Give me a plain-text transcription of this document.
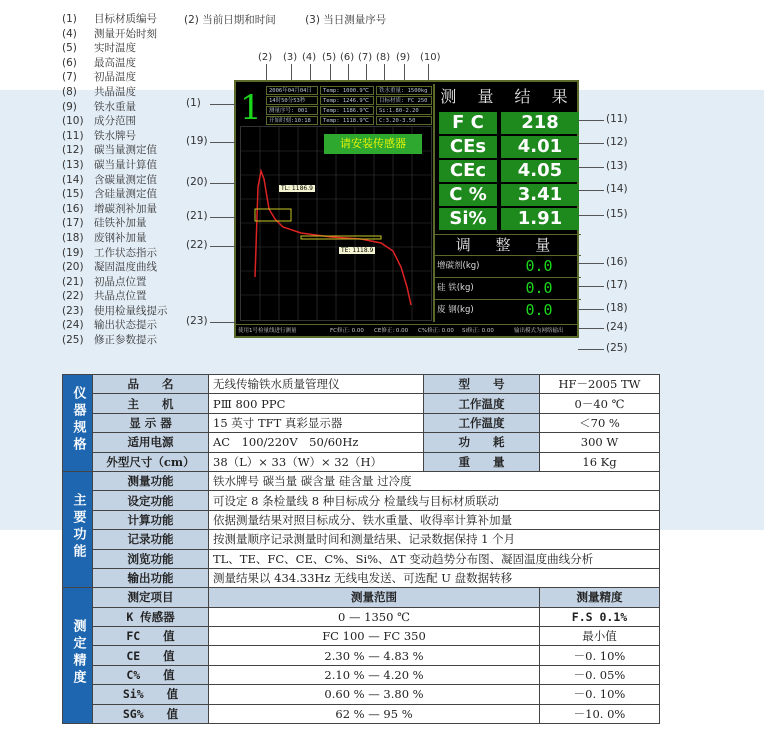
(1) 目标材质编号
(4) 测量开始时刻
(5) 实时温度
(6) 最高温度
(7) 初晶温度
(8) 共晶温度
(9) 铁水重量
(10) 成分范围
(11) 铁水牌号
(12) 碳当量测定值
(13) 碳当量计算值
(14) 含碳量测定值
(15) 含硅量测定值
(16) 增碳剂补加量
(17) 硅铁补加量
(18) 废钢补加量
(19) 工作状态指示
(20) 凝固温度曲线
(21) 初晶点位置
(22) 共晶点位置
(23) 使用检量线提示
(24) 输出状态提示
(25) 修正参数提示
(2) 当前日期和时间	(3) 当日测量序号
(2) (3) (4) (5) (6) (7) (8) (9) (10)
1	2006年04月04日
14时50分53秒
测量序号: 001
开始时刻:10:18
Temp: 1000.9℃
Temp: 1246.9℃
Temp: 1186.9℃
Temp: 1118.9℃
铁水重量: 1500kg
目标材质: FC 250
Si:1.80-2.20
C:3.20-3.50
TL: 1186.9
TE: 1118.9
请安装传感器
测 量 结 果
F C	218
CEs	4.01
CEc	4.05
C %	3.41
Si%	1.91
调 整 量
增碳剂(kg)	0.0
硅 铁(kg)	0.0
废 钢(kg)	0.0
使用1号检量线进行测量	FC修正: 0.00 CE修正: 0.00 C%修正: 0.00 Si修正: 0.00	输出模式为网络输出
(1)
(19)
(20)
(21)
(22)
(23)
(11)
(12)
(13)
(14)
(15)
(16)
(17)
(18)
(24)
(25)
仪器规格	品　　名	无线传输铁水质量管理仪	型　　号	HF－2005 TW
	主　　机	PⅢ 800 PPC	工作温度	0－40 ℃
	显 示 器	15 英寸 TFT 真彩显示器	工作温度	＜70 %
	适用电源	AC　100/220V　50/60Hz	功　　耗	300 W
	外型尺寸（cm）	38（L）× 33（W）× 32（H）	重　　量	16 Kg
主要功能	测量功能	铁水牌号 碳当量 碳含量 硅含量 过冷度		
	设定功能	可设定 8 条检量线 8 种目标成分 检量线与目标材质联动		
	计算功能	依据测量结果对照目标成分、铁水重量、收得率计算补加量		
	记录功能	按测量顺序记录测量时间和测量结果、记录数据保持 1 个月		
	浏览功能	TL、TE、FC、CE、C%、Si%、ΔT 变动趋势分布图、凝固温度曲线分析		
	输出功能	测量结果以 434.33Hz 无线电发送、可选配 U 盘数据转移		
测定精度	测定项目	测量范围		测量精度
	K 传感器	0 — 1350 ℃		F.S 0.1%
	FC　　值	FC 100 — FC 350		最小值
	CE　　值	2.30 % — 4.83 %		－0. 10%
	C%　　值	2.10 % — 4.20 %		－0. 05%
	Si%　　值	0.60 % — 3.80 %		－0. 10%
	SG%　　值	62 % — 95 %		－10. 0%
